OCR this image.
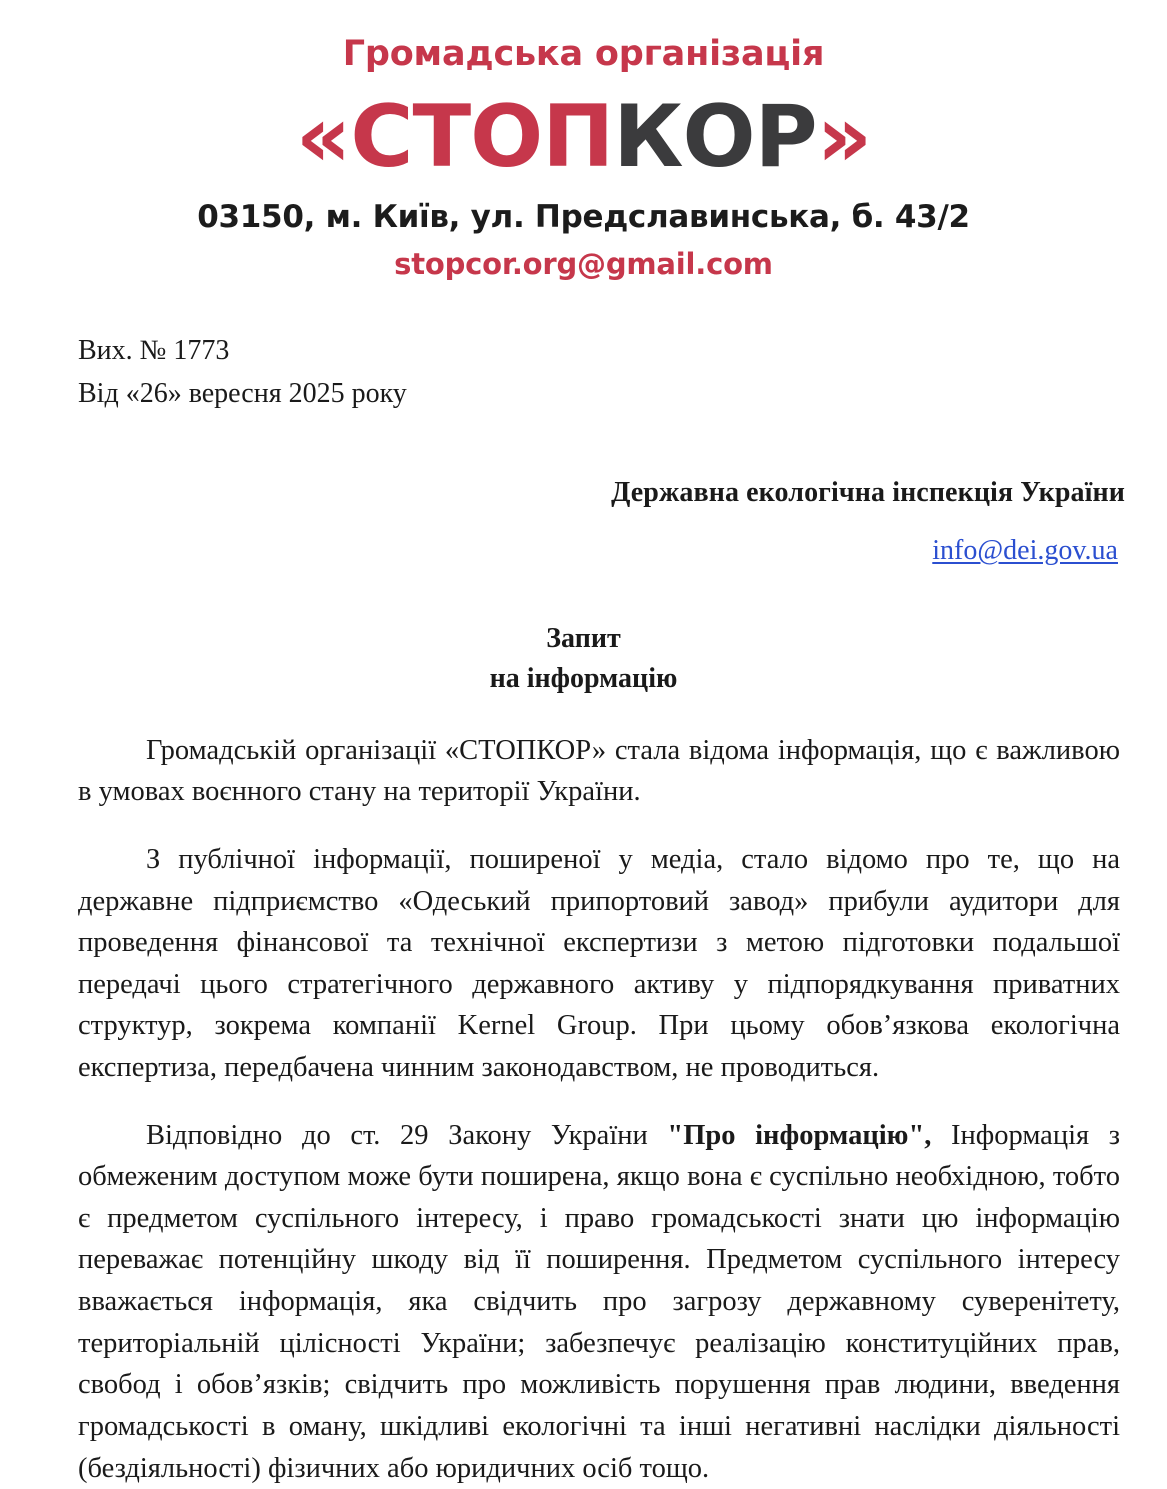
Громадська організація
«СТОПКОР»
03150, м. Київ, ул. Предславинська, б. 43/2
stopcor.org@gmail.com
Вих. № 1773
Від «26» вересня 2025 року
Державна екологічна інспекція України
info@dei.gov.ua
Запит
на інформацію

Громадській організації «СТОПКОР» стала відома інформація, що є важливою в умовах воєнного стану на території України.

З публічної інформації, поширеної у медіа, стало відомо про те, що на державне підприємство «Одеський припортовий завод» прибули аудитори для проведення фінансової та технічної експертизи з метою підготовки подальшої передачі цього стратегічного державного активу у підпорядкування приватних структур, зокрема компанії Kernel Group. При цьому обов’язкова екологічна експертиза, передбачена чинним законодавством, не проводиться.

Відповідно до ст. 29 Закону України "Про інформацію", Інформація з обмеженим доступом може бути поширена, якщо вона є суспільно необхідною, тобто є предметом суспільного інтересу, і право громадськості знати цю інформацію переважає потенційну шкоду від її поширення. Предметом суспільного інтересу вважається інформація, яка свідчить про загрозу державному суверенітету, територіальній цілісності України; забезпечує реалізацію конституційних прав, свобод і обов’язків; свідчить про можливість порушення прав людини, введення громадськості в оману, шкідливі екологічні та інші негативні наслідки діяльності (бездіяльності) фізичних або юридичних осіб тощо.
